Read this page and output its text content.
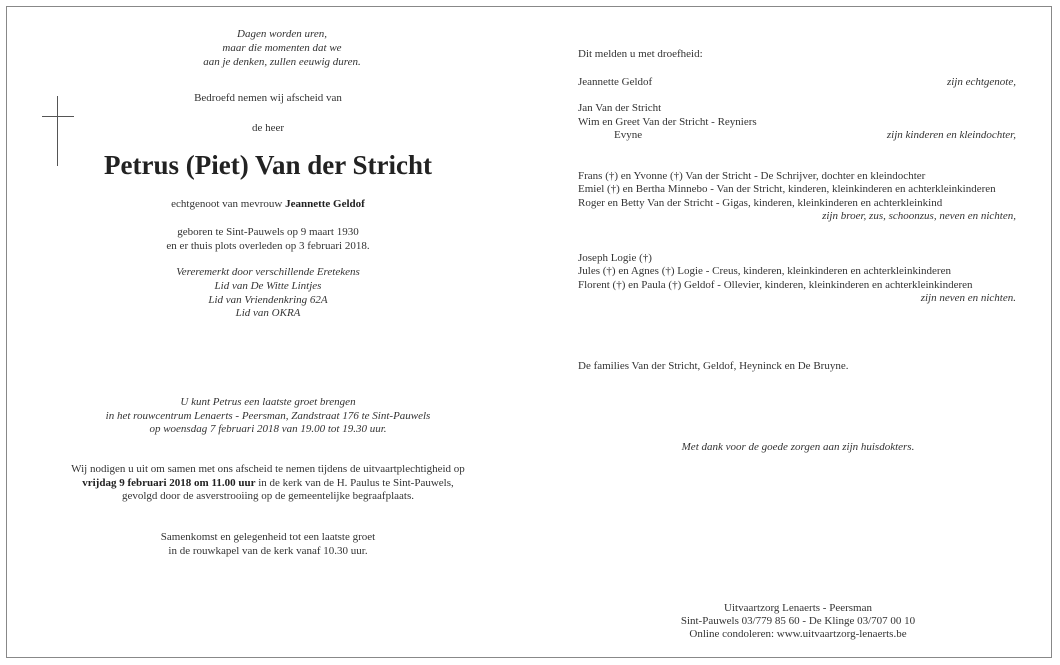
Dagen worden uren,
maar die momenten dat we
aan je denken, zullen eeuwig duren.
Bedroefd nemen wij afscheid van
de heer
Petrus (Piet) Van der Stricht
echtgenoot van mevrouw Jeannette Geldof
geboren te Sint-Pauwels op 9 maart 1930
en er thuis plots overleden op 3 februari 2018.
Vereremerkt door verschillende Eretekens
Lid van De Witte Lintjes
Lid van Vriendenkring 62A
Lid van OKRA
U kunt Petrus een laatste groet brengen
in het rouwcentrum Lenaerts - Peersman, Zandstraat 176 te Sint-Pauwels
op woensdag 7 februari 2018 van 19.00 tot 19.30 uur.
Wij nodigen u uit om samen met ons afscheid te nemen tijdens de uitvaartplechtigheid op
vrijdag 9 februari 2018 om 11.00 uur in de kerk van de H. Paulus te Sint-Pauwels,
gevolgd door de asverstrooiing op de gemeentelijke begraafplaats.
Samenkomst en gelegenheid tot een laatste groet
in de rouwkapel van de kerk vanaf 10.30 uur.
Dit melden u met droefheid:
Jeannette Geldof	zijn echtgenote,
Jan Van der Stricht
Wim en Greet Van der Stricht - Reyniers
Evyne	zijn kinderen en kleindochter,
Frans (†) en Yvonne (†) Van der Stricht - De Schrijver, dochter en kleindochter
Emiel (†) en Bertha Minnebo - Van der Stricht, kinderen, kleinkinderen en achterkleinkinderen
Roger en Betty Van der Stricht - Gigas, kinderen, kleinkinderen en achterkleinkind
zijn broer, zus, schoonzus, neven en nichten,
Joseph Logie (†)
Jules (†) en Agnes (†) Logie - Creus, kinderen, kleinkinderen en achterkleinkinderen
Florent (†) en Paula (†) Geldof - Ollevier, kinderen, kleinkinderen en achterkleinkinderen
zijn neven en nichten.
De families Van der Stricht, Geldof, Heyninck en De Bruyne.
Met dank voor de goede zorgen aan zijn huisdokters.
Uitvaartzorg Lenaerts - Peersman
Sint-Pauwels 03/779 85 60 - De Klinge 03/707 00 10
Online condoleren: www.uitvaartzorg-lenaerts.be
